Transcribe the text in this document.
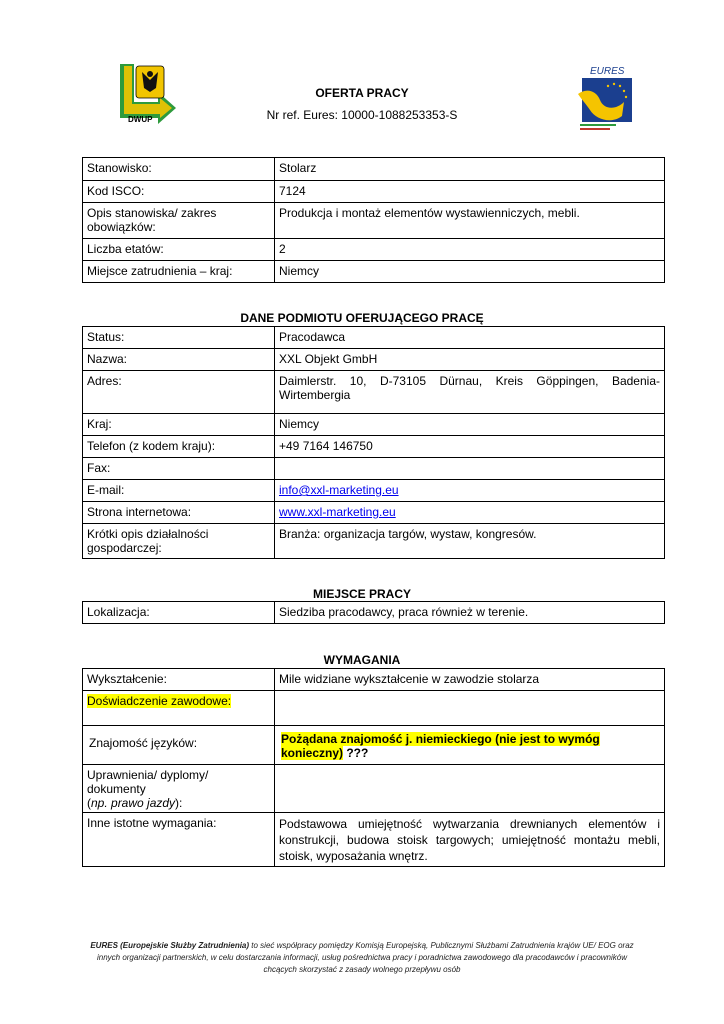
DWUP
EURES
OFERTA PRACY
Nr ref. Eures: 10000-1088253353-S
Stanowisko:	Stolarz
Kod ISCO:	7124
Opis stanowiska/ zakres obowiązków:	Produkcja i montaż elementów wystawienniczych, mebli.
Liczba etatów:	2
Miejsce zatrudnienia – kraj:	Niemcy
DANE PODMIOTU OFERUJĄCEGO PRACĘ
Status:	Pracodawca
Nazwa:	XXL Objekt GmbH
Adres:	Daimlerstr. 10, D-73105 Dürnau, Kreis Göppingen, Badenia-Wirtembergia
Kraj:	Niemcy
Telefon (z kodem kraju):	+49 7164 146750
Fax:	
E-mail:	info@xxl-marketing.eu
Strona internetowa:	www.xxl-marketing.eu
Krótki opis działalności gospodarczej:	Branża: organizacja targów, wystaw, kongresów.
MIEJSCE PRACY
Lokalizacja:	Siedziba pracodawcy, praca również w terenie.
WYMAGANIA
Wykształcenie:	Mile widziane wykształcenie w zawodzie stolarza
Doświadczenie zawodowe:	
Znajomość języków:	Pożądana znajomość j. niemieckiego (nie jest to wymóg konieczny) ???
Uprawnienia/ dyplomy/ dokumenty
(np. prawo jazdy):	
Inne istotne wymagania:	Podstawowa umiejętność wytwarzania drewnianych elementów i konstrukcji, budowa stoisk targowych; umiejętność montażu mebli, stoisk, wyposażania wnętrz.
EURES (Europejskie Służby Zatrudnienia) to sieć współpracy pomiędzy Komisją Europejską, Publicznymi Służbami Zatrudnienia krajów UE/ EOG oraz innych organizacji partnerskich, w celu dostarczania informacji, usług pośrednictwa pracy i poradnictwa zawodowego dla pracodawców i pracowników chcących skorzystać z zasady wolnego przepływu osób
